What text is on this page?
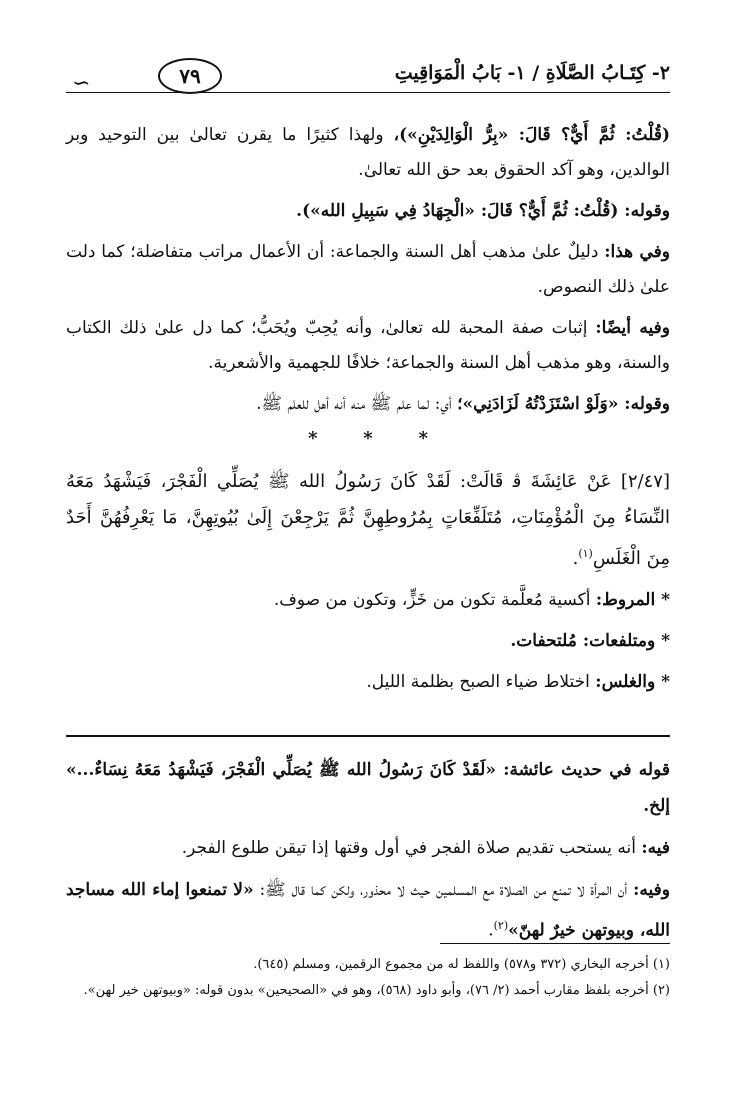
∽	٧٩	٢- كِتَـابُ الصَّلَاةِ / ١- بَابُ الْمَوَاقِيتِ

(قُلْتُ: ثُمَّ أَيٌّ؟ قَالَ: «بِرُّ الْوَالِدَيْنِ»)، ولهذا كثيرًا ما يقرن تعالىٰ بين التوحيد وبر الوالدين، وهو آكد الحقوق بعد حق الله تعالىٰ.

وقوله: (قُلْتُ: ثُمَّ أَيٌّ؟ قَالَ: «الْجِهَادُ فِي سَبِيلِ الله»).

وفي هذا: دليلٌ علىٰ مذهب أهل السنة والجماعة: أن الأعمال مراتب متفاضلة؛ كما دلت علىٰ ذلك النصوص.

وفيه أيضًا: إثبات صفة المحبة لله تعالىٰ، وأنه يُحِبّ ويُحَبُّ؛ كما دل علىٰ ذلك الكتاب والسنة، وهو مذهب أهل السنة والجماعة؛ خلافًا للجهمية والأشعرية.

وقوله: «وَلَوْ اسْتَزَدْتُهُ لَزَادَنِي»؛ أي: لما علم ﷺ منه أنه أهل للعلم ﷺ.

*	*	*

[٢/٤٧] عَنْ عَائِشَةَ ﭬ قَالَتْ: لَقَدْ كَانَ رَسُولُ الله ﷺ يُصَلِّي الْفَجْرَ، فَيَشْهَدُ مَعَهُ النِّسَاءُ مِنَ الْمُؤْمِنَاتِ، مُتَلَفِّعَاتٍ بِمُرُوطِهِنَّ ثُمَّ يَرْجِعْنَ إِلَىٰ بُيُوتِهِنَّ، مَا يَعْرِفُهُنَّ أَحَدٌ مِنَ الْغَلَسِ$^{(١)}$.

* المروط: أكسية مُعلَّمة تكون من خَزٍّ، وتكون من صوف.

* ومتلفعات: مُلتحفات.

* والغلس: اختلاط ضياء الصبح بظلمة الليل.

قوله في حديث عائشة: «لَقَدْ كَانَ رَسُولُ الله ﷺ يُصَلِّي الْفَجْرَ، فَيَشْهَدُ مَعَهُ نِسَاءٌ...» إلخ.

فيه: أنه يستحب تقديم صلاة الفجر في أول وقتها إذا تيقن طلوع الفجر.

وفيه: أن المرأة لا تمنع من الصلاة مع المسلمين حيث لا محذور، ولكن كما قال ﷺ: «لا تمنعوا إماء الله مساجد الله، وبيوتهن خيرٌ لهنّ»$^{(٢)}$.

(١) أخرجه البخاري (٣٧٢ و٥٧٨) واللفظ له من مجموع الرقمين، ومسلم (٦٤٥).

(٢) أخرجه بلفظ مقارب أحمد (٢/ ٧٦)، وأبو داود (٥٦٨)، وهو في «الصحيحين» بدون قوله: «وبيوتهن خير لهن».
